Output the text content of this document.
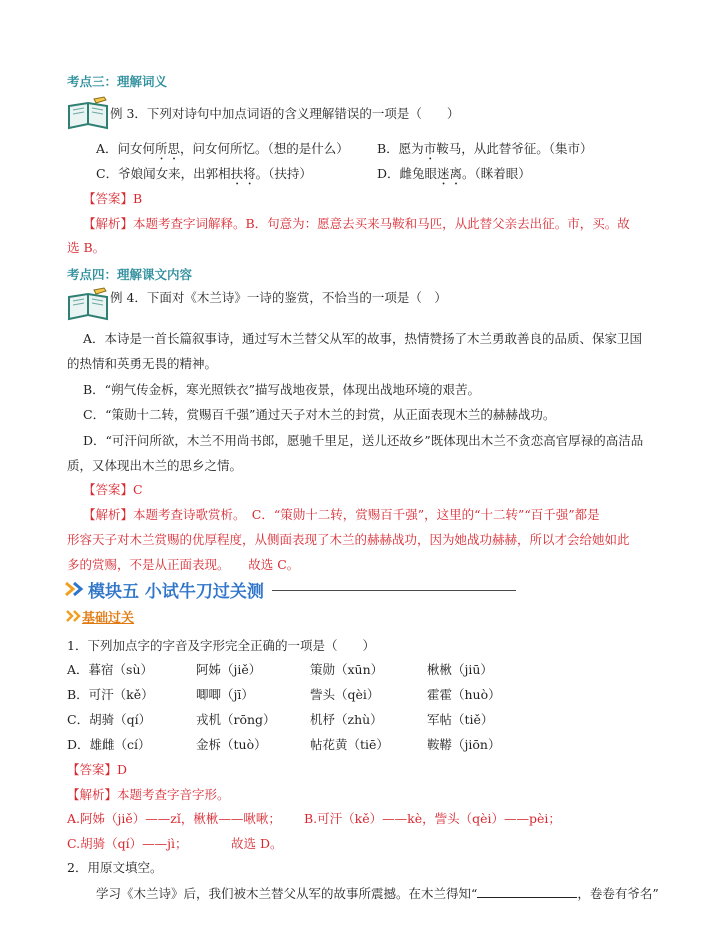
考点三：理解词义
例 3．下列对诗句中加点词语的含义理解错误的一项是（　　）
A．问女何所思，问女何所忆。（想的是什么） B．愿为市鞍马，从此替爷征。（集市）
C．爷娘闻女来，出郭相扶将。（扶持）	D．雌兔眼迷离。（眯着眼）
【答案】B
【解析】本题考查字词解释。B．句意为：愿意去买来马鞍和马匹，从此替父亲去出征。市，买。故
选 B。
考点四：理解课文内容
例 4．下面对《木兰诗》一诗的鉴赏，不恰当的一项是（　）
A．本诗是一首长篇叙事诗，通过写木兰替父从军的故事，热情赞扬了木兰勇敢善良的品质、保家卫国
的热情和英勇无畏的精神。
B．“朔气传金柝，寒光照铁衣”描写战地夜景，体现出战地环境的艰苦。
C．“策勋十二转，赏赐百千强”通过天子对木兰的封赏，从正面表现木兰的赫赫战功。
D．“可汗问所欲，木兰不用尚书郎，愿驰千里足，送儿还故乡”既体现出木兰不贪恋高官厚禄的高洁品
质，又体现出木兰的思乡之情。
【答案】C
【解析】本题考查诗歌赏析。　C．“策勋十二转，赏赐百千强”，这里的“十二转”“百千强”都是
形容天子对木兰赏赐的优厚程度，从侧面表现了木兰的赫赫战功，因为她战功赫赫，所以才会给她如此
多的赏赐，不是从正面表现。　　故选 C。
模块五 小试牛刀过关测
基础过关
1．下列加点字的字音及字形完全正确的一项是（　　）
A．暮宿（sù）	阿姊（jiě）	策勋（xūn）	楸楸（jiū）
B．可汗（kě）	唧唧（jī）	訾头（qèi）	霍霍（huò）
C．胡骑（qí）	戎机（rōng）	机杼（zhù）	军帖（tiě）
D．雄雌（cí）	金柝（tuò）	帖花黄（tiē）	鞍鞯（jiōn）
【答案】D
【解析】本题考查字音字形。
A.阿姊（jiě）——zǐ，楸楸——啾啾； B.可汗（kě）——kè，訾头（qèi）——pèi；
C.胡骑（qí）——jì；	故选 D。
2．用原文填空。
学习《木兰诗》后，我们被木兰替父从军的故事所震撼。在木兰得知“	，卷卷有爷名”
